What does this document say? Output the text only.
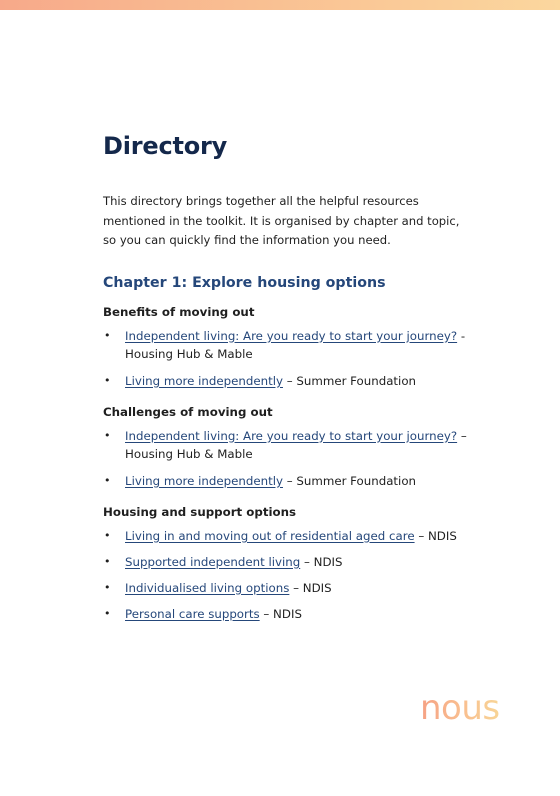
Directory

This directory brings together all the helpful resources mentioned in the toolkit. It is organised by chapter and topic, so you can quickly find the information you need.

Chapter 1: Explore housing options
Benefits of moving out
• Independent living: Are you ready to start your journey? - Housing Hub & Mable
• Living more independently – Summer Foundation
Challenges of moving out
• Independent living: Are you ready to start your journey? – Housing Hub & Mable
• Living more independently – Summer Foundation
Housing and support options
• Living in and moving out of residential aged care – NDIS
• Supported independent living – NDIS
• Individualised living options – NDIS
• Personal care supports – NDIS
nous
